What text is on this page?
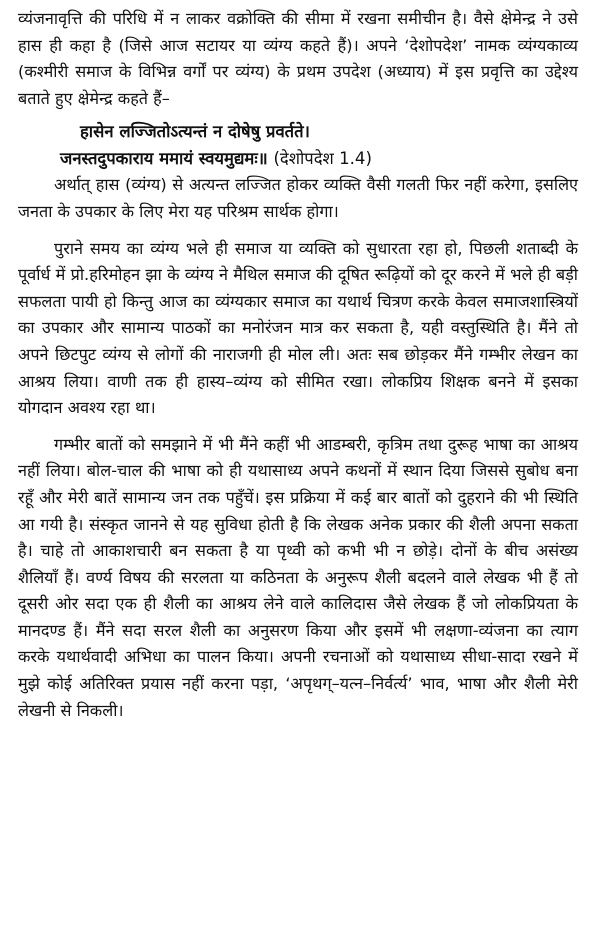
व्यंजनावृत्ति की परिधि में न लाकर वक्रोक्ति की सीमा में रखना समीचीन है। वैसे क्षेमेन्द्र ने उसे हास ही कहा है (जिसे आज सटायर या व्यंग्य कहते हैं)। अपने ‘देशोपदेश’ नामक व्यंग्यकाव्य (कश्मीरी समाज के विभिन्न वर्गों पर व्यंग्य) के प्रथम उपदेश (अध्याय) में इस प्रवृत्ति का उद्देश्य बताते हुए क्षेमेन्द्र कहते हैं–

हासेन लज्जितोऽत्यन्तं न दोषेषु प्रवर्तते।

जनस्तदुपकाराय ममायं स्वयमुद्यमः॥ (देशोपदेश 1.4)

अर्थात् हास (व्यंग्य) से अत्यन्त लज्जित होकर व्यक्ति वैसी गलती फिर नहीं करेगा, इसलिए जनता के उपकार के लिए मेरा यह परिश्रम सार्थक होगा।

पुराने समय का व्यंग्य भले ही समाज या व्यक्ति को सुधारता रहा हो, पिछली शताब्दी के पूर्वार्ध में प्रो.हरिमोहन झा के व्यंग्य ने मैथिल समाज की दूषित रूढ़ियों को दूर करने में भले ही बड़ी सफलता पायी हो किन्तु आज का व्यंग्यकार समाज का यथार्थ चित्रण करके केवल समाजशास्त्रियों का उपकार और सामान्य पाठकों का मनोरंजन मात्र कर सकता है, यही वस्तुस्थिति है। मैंने तो अपने छिटपुट व्यंग्य से लोगों की नाराजगी ही मोल ली। अतः सब छोड़कर मैंने गम्भीर लेखन का आश्रय लिया। वाणी तक ही हास्य–व्यंग्य को सीमित रखा। लोकप्रिय शिक्षक बनने में इसका योगदान अवश्य रहा था।

गम्भीर बातों को समझाने में भी मैंने कहीं भी आडम्बरी, कृत्रिम तथा दुरूह भाषा का आश्रय नहीं लिया। बोल-चाल की भाषा को ही यथासाध्य अपने कथनों में स्थान दिया जिससे सुबोध बना रहूँ और मेरी बातें सामान्य जन तक पहुँचें। इस प्रक्रिया में कई बार बातों को दुहराने की भी स्थिति आ गयी है। संस्कृत जानने से यह सुविधा होती है कि लेखक अनेक प्रकार की शैली अपना सकता है। चाहे तो आकाशचारी बन सकता है या पृथ्वी को कभी भी न छोड़े। दोनों के बीच असंख्य शैलियाँ हैं। वर्ण्य विषय की सरलता या कठिनता के अनुरूप शैली बदलने वाले लेखक भी हैं तो दूसरी ओर सदा एक ही शैली का आश्रय लेने वाले कालिदास जैसे लेखक हैं जो लोकप्रियता के मानदण्ड हैं। मैंने सदा सरल शैली का अनुसरण किया और इसमें भी लक्षणा-व्यंजना का त्याग करके यथार्थवादी अभिधा का पालन किया। अपनी रचनाओं को यथासाध्य सीधा-सादा रखने में मुझे कोई अतिरिक्त प्रयास नहीं करना पड़ा, ‘अपृथग्–यत्न–निर्वर्त्य’ भाव, भाषा और शैली मेरी लेखनी से निकली।
